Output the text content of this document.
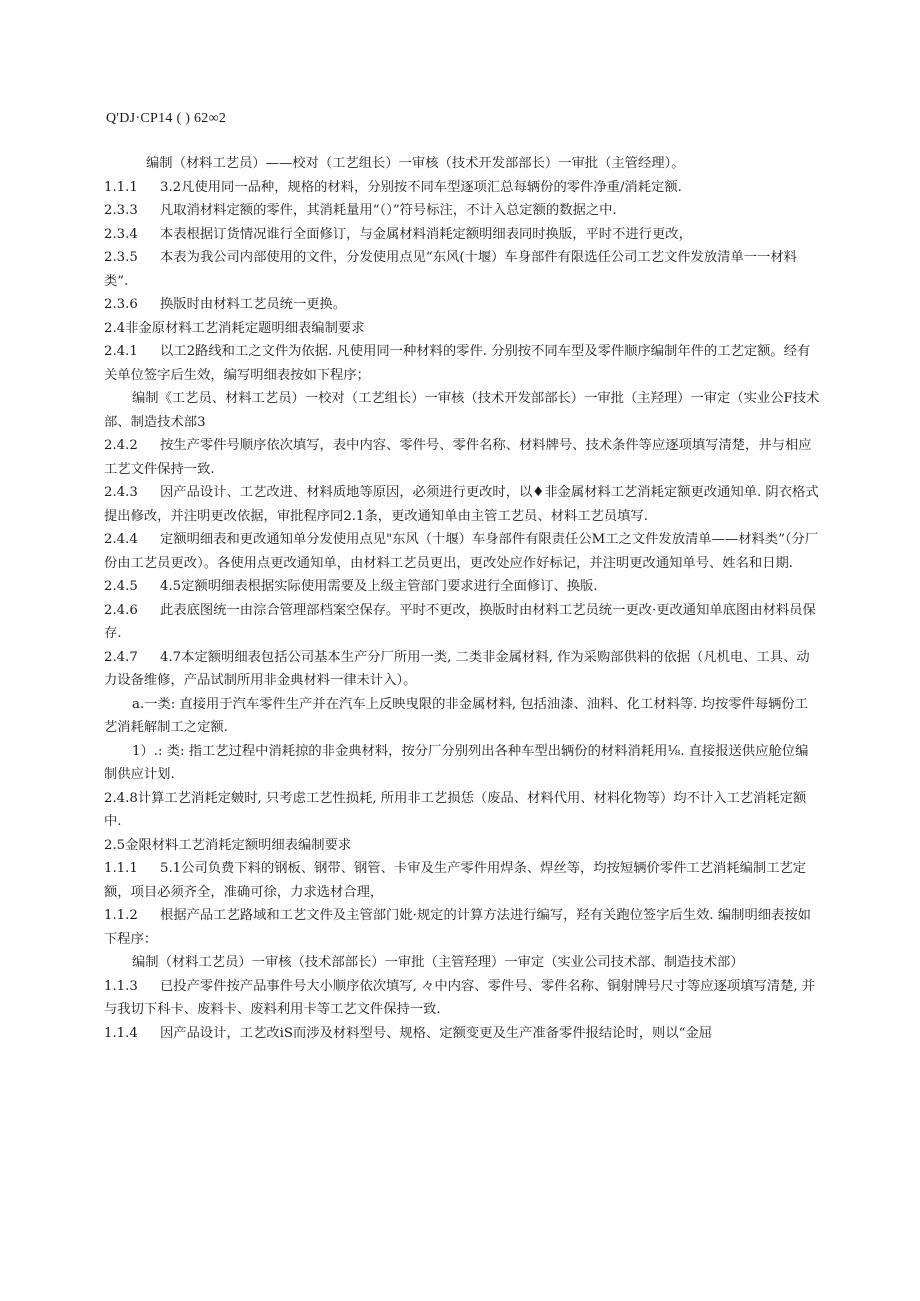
Q'DJ·CP14 ( ) 62∞2
编制（材料工艺员）——校对（工艺组长）一审核（技术开发部部长）一审批（主管经理）。
1.1.1 3.2凡使用同一品种，规格的材料，分别按不同车型逐项汇总每辆份的零件净重/消耗定额.
2.3.3 凡取消材料定额的零件，其消耗量用“（）”符号标注，不计入总定额的数据之中.
2.3.4 本表根据订货情况谁行全面修订，与金属材料消耗定额明细表同时换版，平时不进行更改，
2.3.5 本表为我公司内部使用的文件，分发使用点见“东风(十堰）车身部件有限选任公司工艺文件发放清单一一材料类”.
2.3.6 换版时由材料工艺员统一更换。
2.4非金原材料工艺消耗定题明细表编制要求
2.4.1 以工2路线和工之文件为依据. 凡使用同一种材料的零件. 分别按不同车型及零件顺序编制年件的工艺定额。经有关单位签字后生效，编写明细表按如下程序；
编制《工艺员、材料工艺员）一校对（工艺组长）一审核（技术开发部部长）一审批（主羟理）一审定（实业公F技术部、制造技术部3
2.4.2 按生产零件号顺序依次填写，表中内容、零件号、零件名称、材料牌号、技术条件等应逐项填写清楚，井与相应工艺文件保持一致.
2.4.3 因产品设计、工艺改进、材料质地等原因，必须进行更改时，以♦非金属材料工艺消耗定额更改通知单. 阴衣格式提出修改，并注明更改依据，审批程序同2.1条，更改通知单由主管工艺员、材料工艺员填写.
2.4.4 定额明细表和更改通知单分发使用点见"东风（十堰）车身部件有限责任公M工之文件发放清单——材料类”（分厂份由工艺员更改）。各使用点更改通知单，由材料工艺员更出，更改处应作好标记，并注明更改通知单号、姓名和日期.
2.4.5 4.5定额明细表根据实际使用需要及上级主管部门要求进行全面修订、换版.
2.4.6 此表底图统一由淙合管理部档案空保存。平时不更改，换版时由材料工艺员统一更改·更改通知单底图由材料员保存.
2.4.7 4.7本定额明细表包括公司基本生产分厂所用一类, 二类非金属材料, 作为采购部供料的依据（凡机电、工具、动力设备维修，产品试制所用非金典材料一律未计入）。
a.一类: 直接用于汽车零件生产并在汽车上反映曳限的非金属材料, 包括油漆、油料、化工材料等. 均按零件每辆份工艺消耗解制工之定额.
1）.: 类: 指工艺过程中消耗掠的非金典材料，按分厂分别列出各种车型出辆份的材料消耗用⅛. 直接报送供应舱位编制供应计划.
2.4.8计算工艺消耗定皴时, 只考虑工艺性损耗, 所用非工艺损恁（废品、材料代用、材料化物等）均不计入工艺消耗定额中.
2.5金限材料工艺消耗定额明细表编制要求
1.1.1 5.1公司负费下料的钢板、钢带、钢管、卡审及生产零件用焊条、焊丝等，均按短辆价零件工艺消耗编制工艺定额，项目必须齐全，准确可徐，力求选材合理，
1.1.2 根据产品工艺路域和工艺文件及主管部门妣·规定的计算方法进行编写，羟有关跑位签字后生效. 编制明细表按如下程序：
编制（材料工艺员）一审核（技术部部长）一审批（主管羟理）一审定（实业公司技术部、制造技术部）
1.1.3 已投产零件按产品事件号大小顺序依次填写, 々中内容、零件号、零件名称、铜射牌号尺寸等应逐项填写清楚, 并与我切下科卡、废料卡、废料利用卡等工艺文件保持一致.
1.1.4 因产品设计，工艺改iS而涉及材料型号、规格、定额变更及生产准备零件报结论时，则以“金屈
